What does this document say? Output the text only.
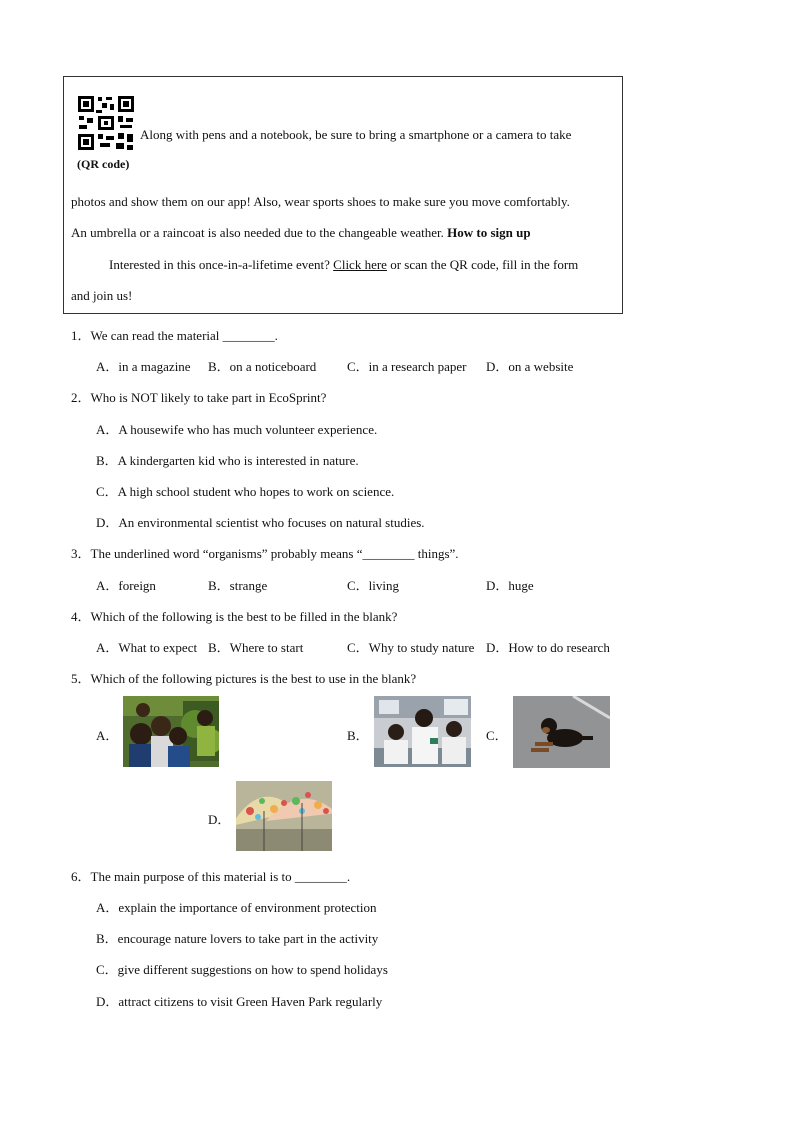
(QR code)
Along with pens and a notebook, be sure to bring a smartphone or a camera to take
photos and show them on our app! Also, wear sports shoes to make sure you move comfortably.
An umbrella or a raincoat is also needed due to the changeable weather. How to sign up
Interested in this once-in-a-lifetime event? Click here or scan the QR code, fill in the form
and join us!
1．We can read the material ________.
A．in a magazine B．on a noticeboard C．in a research paper D．on a website
2．Who is NOT likely to take part in EcoSprint?
A．A housewife who has much volunteer experience.
B．A kindergarten kid who is interested in nature.
C．A high school student who hopes to work on science.
D．An environmental scientist who focuses on natural studies.
3．The underlined word “organisms” probably means “________ things”.
A．foreign	B．strange	C．living	D．huge
4．Which of the following is the best to be filled in the blank?
A．What to expect B．Where to start	C．Why to study nature D．How to do research
5．Which of the following pictures is the best to use in the blank?
A．	B．	C．
D．
6．The main purpose of this material is to ________.
A．explain the importance of environment protection
B．encourage nature lovers to take part in the activity
C．give different suggestions on how to spend holidays
D．attract citizens to visit Green Haven Park regularly
